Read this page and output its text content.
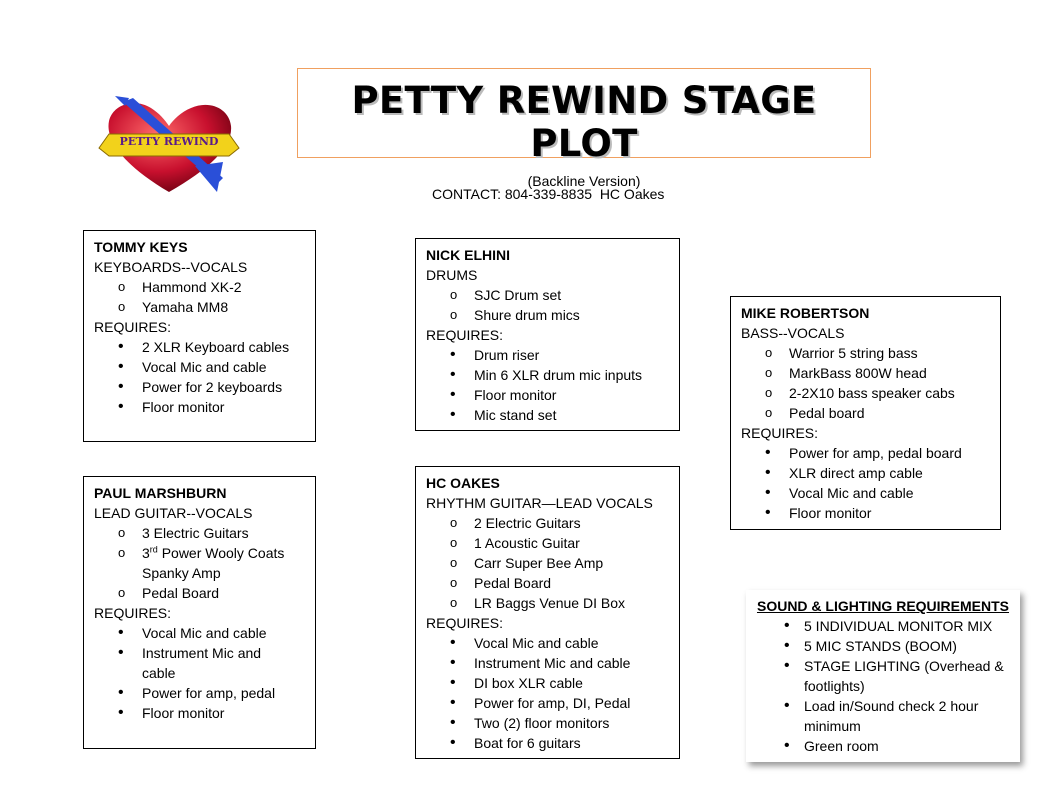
PETTY REWIND
PETTY REWIND STAGE PLOT
(Backline Version)
CONTACT: 804-339-8835  HC Oakes
TOMMY KEYS
KEYBOARDS--VOCALS
o Hammond XK-2
o Yamaha MM8
REQUIRES:
• 2 XLR Keyboard cables
• Vocal Mic and cable
• Power for 2 keyboards
• Floor monitor
NICK ELHINI
DRUMS
o SJC Drum set
o Shure drum mics
REQUIRES:
• Drum riser
• Min 6 XLR drum mic inputs
• Floor monitor
• Mic stand set
MIKE ROBERTSON
BASS--VOCALS
o Warrior 5 string bass
o MarkBass 800W head
o 2-2X10 bass speaker cabs
o Pedal board
REQUIRES:
• Power for amp, pedal board
• XLR direct amp cable
• Vocal Mic and cable
• Floor monitor
PAUL MARSHBURN
LEAD GUITAR--VOCALS
o 3 Electric Guitars
o 3rd Power Wooly Coats
Spanky Amp
o Pedal Board
REQUIRES:
• Vocal Mic and cable
• Instrument Mic and
cable
• Power for amp, pedal
• Floor monitor
HC OAKES
RHYTHM GUITAR—LEAD VOCALS
o 2 Electric Guitars
o 1 Acoustic Guitar
o Carr Super Bee Amp
o Pedal Board
o LR Baggs Venue DI Box
REQUIRES:
• Vocal Mic and cable
• Instrument Mic and cable
• DI box XLR cable
• Power for amp, DI, Pedal
• Two (2) floor monitors
• Boat for 6 guitars
SOUND & LIGHTING REQUIREMENTS
• 5 INDIVIDUAL MONITOR MIX
• 5 MIC STANDS (BOOM)
• STAGE LIGHTING (Overhead &
footlights)
• Load in/Sound check 2 hour
minimum
• Green room
